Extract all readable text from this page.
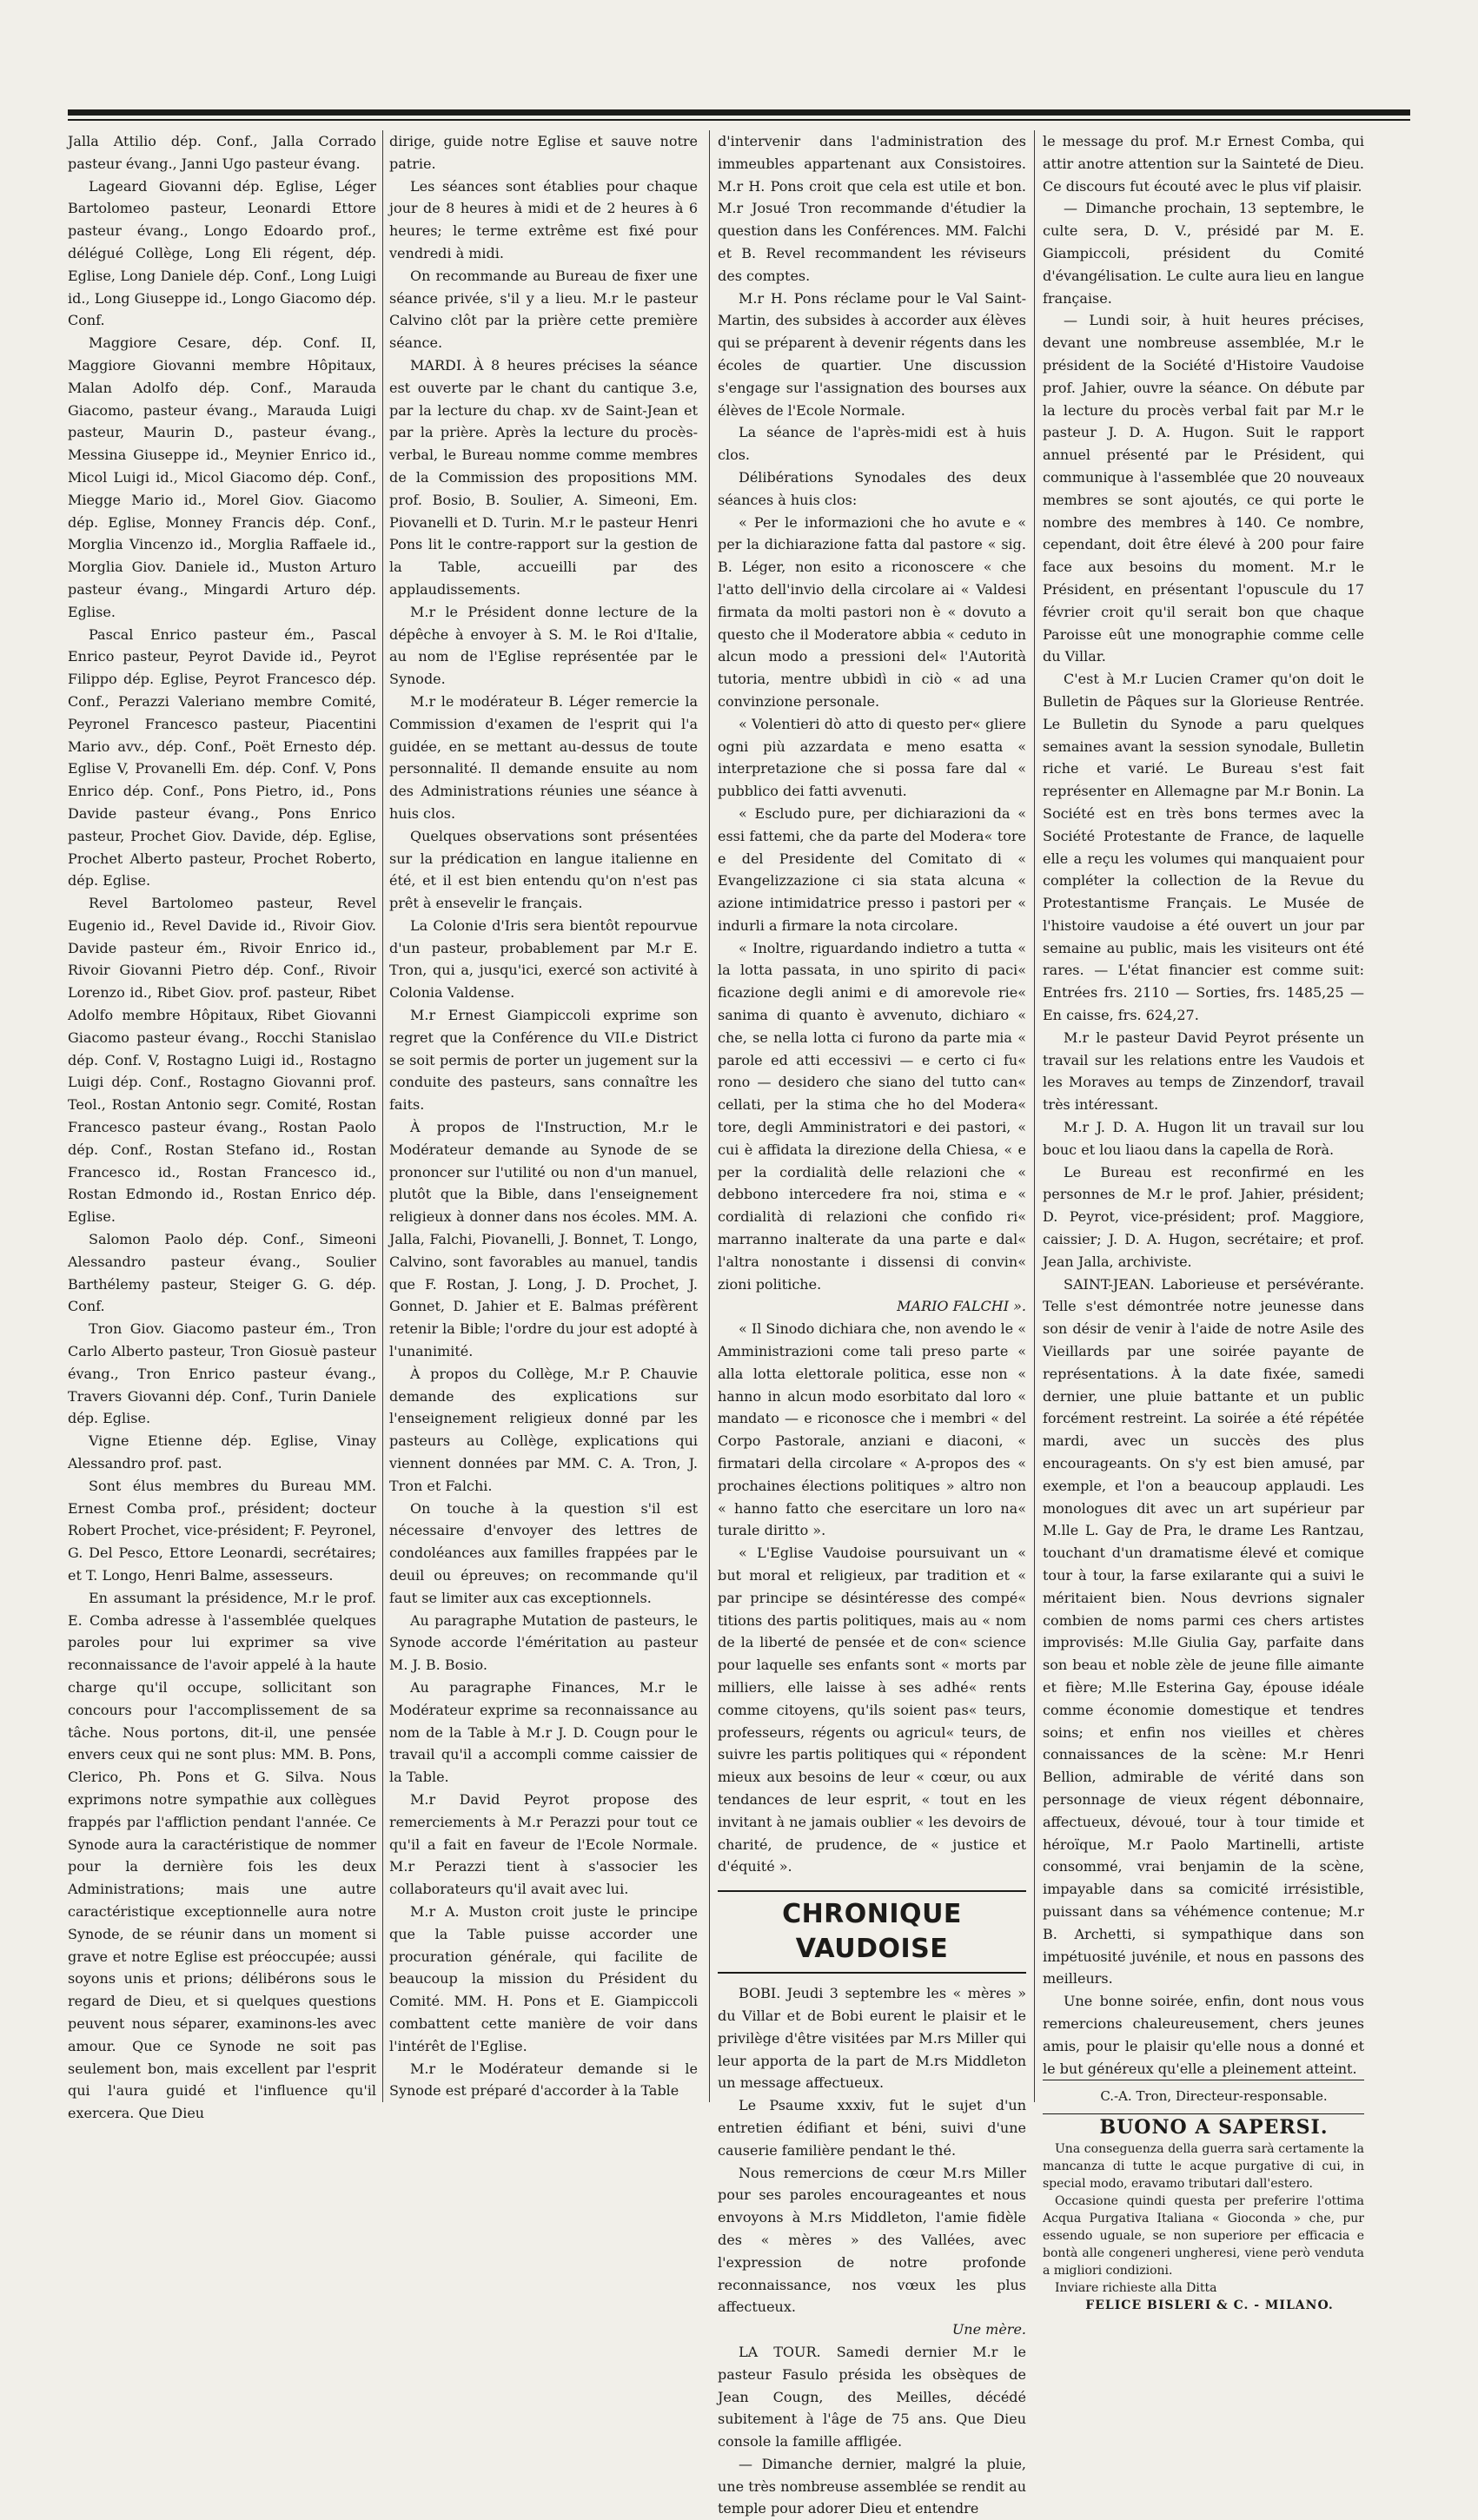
Jalla Attilio dép. Conf., Jalla Corrado pasteur évang., Janni Ugo pasteur évang.

Lageard Giovanni dép. Eglise, Léger Bartolomeo pasteur, Leonardi Ettore pasteur évang., Longo Edoardo prof., délégué Collège, Long Eli régent, dép. Eglise, Long Daniele dép. Conf., Long Luigi id., Long Giuseppe id., Longo Giacomo dép. Conf.

Maggiore Cesare, dép. Conf. II, Maggiore Giovanni membre Hôpitaux, Malan Adolfo dép. Conf., Marauda Giacomo, pasteur évang., Marauda Luigi pasteur, Maurin D., pasteur évang., Messina Giuseppe id., Meynier Enrico id., Micol Luigi id., Micol Giacomo dép. Conf., Miegge Mario id., Morel Giov. Giacomo dép. Eglise, Monney Francis dép. Conf., Morglia Vincenzo id., Morglia Raffaele id., Morglia Giov. Daniele id., Muston Arturo pasteur évang., Mingardi Arturo dép. Eglise.

Pascal Enrico pasteur ém., Pascal Enrico pasteur, Peyrot Davide id., Peyrot Filippo dép. Eglise, Peyrot Francesco dép. Conf., Perazzi Valeriano membre Comité, Peyronel Francesco pasteur, Piacentini Mario avv., dép. Conf., Poët Ernesto dép. Eglise V, Provanelli Em. dép. Conf. V, Pons Enrico dép. Conf., Pons Pietro, id., Pons Davide pasteur évang., Pons Enrico pasteur, Prochet Giov. Davide, dép. Eglise, Prochet Alberto pasteur, Prochet Roberto, dép. Eglise.

Revel Bartolomeo pasteur, Revel Eugenio id., Revel Davide id., Rivoir Giov. Davide pasteur ém., Rivoir Enrico id., Rivoir Giovanni Pietro dép. Conf., Rivoir Lorenzo id., Ribet Giov. prof. pasteur, Ribet Adolfo membre Hôpitaux, Ribet Giovanni Giacomo pasteur évang., Rocchi Stanislao dép. Conf. V, Rostagno Luigi id., Rostagno Luigi dép. Conf., Rostagno Giovanni prof. Teol., Rostan Antonio segr. Comité, Rostan Francesco pasteur évang., Rostan Paolo dép. Conf., Rostan Stefano id., Rostan Francesco id., Rostan Francesco id., Rostan Edmondo id., Rostan Enrico dép. Eglise.

Salomon Paolo dép. Conf., Simeoni Alessandro pasteur évang., Soulier Barthélemy pasteur, Steiger G. G. dép. Conf.

Tron Giov. Giacomo pasteur ém., Tron Carlo Alberto pasteur, Tron Giosuè pasteur évang., Tron Enrico pasteur évang., Travers Giovanni dép. Conf., Turin Daniele dép. Eglise.

Vigne Etienne dép. Eglise, Vinay Alessandro prof. past.

Sont élus membres du Bureau MM. Ernest Comba prof., président; docteur Robert Prochet, vice-président; F. Peyronel, G. Del Pesco, Ettore Leonardi, secrétaires; et T. Longo, Henri Balme, assesseurs.

En assumant la présidence, M.r le prof. E. Comba adresse à l'assemblée quelques paroles pour lui exprimer sa vive reconnaissance de l'avoir appelé à la haute charge qu'il occupe, sollicitant son concours pour l'accomplissement de sa tâche. Nous portons, dit-il, une pensée envers ceux qui ne sont plus: MM. B. Pons, Clerico, Ph. Pons et G. Silva. Nous exprimons notre sympathie aux collègues frappés par l'affliction pendant l'année. Ce Synode aura la caractéristique de nommer pour la dernière fois les deux Administrations; mais une autre caractéristique exceptionnelle aura notre Synode, de se réunir dans un moment si grave et notre Eglise est préoccupée; aussi soyons unis et prions; délibérons sous le regard de Dieu, et si quelques questions peuvent nous séparer, examinons-les avec amour. Que ce Synode ne soit pas seulement bon, mais excellent par l'esprit qui l'aura guidé et l'influence qu'il exercera. Que Dieu

dirige, guide notre Eglise et sauve notre patrie.

Les séances sont établies pour chaque jour de 8 heures à midi et de 2 heures à 6 heures; le terme extrême est fixé pour vendredi à midi.

On recommande au Bureau de fixer une séance privée, s'il y a lieu. M.r le pasteur Calvino clôt par la prière cette première séance.

MARDI. À 8 heures précises la séance est ouverte par le chant du cantique 3.e, par la lecture du chap. xv de Saint-Jean et par la prière. Après la lecture du procès-verbal, le Bureau nomme comme membres de la Commission des propositions MM. prof. Bosio, B. Soulier, A. Simeoni, Em. Piovanelli et D. Turin. M.r le pasteur Henri Pons lit le contre-rapport sur la gestion de la Table, accueilli par des applaudissements.

M.r le Président donne lecture de la dépêche à envoyer à S. M. le Roi d'Italie, au nom de l'Eglise représentée par le Synode.

M.r le modérateur B. Léger remercie la Commission d'examen de l'esprit qui l'a guidée, en se mettant au-dessus de toute personnalité. Il demande ensuite au nom des Administrations réunies une séance à huis clos.

Quelques observations sont présentées sur la prédication en langue italienne en été, et il est bien entendu qu'on n'est pas prêt à ensevelir le français.

La Colonie d'Iris sera bientôt repourvue d'un pasteur, probablement par M.r E. Tron, qui a, jusqu'ici, exercé son activité à Colonia Valdense.

M.r Ernest Giampiccoli exprime son regret que la Conférence du VII.e District se soit permis de porter un jugement sur la conduite des pasteurs, sans connaître les faits.

À propos de l'Instruction, M.r le Modérateur demande au Synode de se prononcer sur l'utilité ou non d'un manuel, plutôt que la Bible, dans l'enseignement religieux à donner dans nos écoles. MM. A. Jalla, Falchi, Piovanelli, J. Bonnet, T. Longo, Calvino, sont favorables au manuel, tandis que F. Rostan, J. Long, J. D. Prochet, J. Gonnet, D. Jahier et E. Balmas préfèrent retenir la Bible; l'ordre du jour est adopté à l'unanimité.

À propos du Collège, M.r P. Chauvie demande des explications sur l'enseignement religieux donné par les pasteurs au Collège, explications qui viennent données par MM. C. A. Tron, J. Tron et Falchi.

On touche à la question s'il est nécessaire d'envoyer des lettres de condoléances aux familles frappées par le deuil ou épreuves; on recommande qu'il faut se limiter aux cas exceptionnels.

Au paragraphe Mutation de pasteurs, le Synode accorde l'éméritation au pasteur M. J. B. Bosio.

Au paragraphe Finances, M.r le Modérateur exprime sa reconnaissance au nom de la Table à M.r J. D. Cougn pour le travail qu'il a accompli comme caissier de la Table.

M.r David Peyrot propose des remerciements à M.r Perazzi pour tout ce qu'il a fait en faveur de l'Ecole Normale. M.r Perazzi tient à s'associer les collaborateurs qu'il avait avec lui.

M.r A. Muston croit juste le principe que la Table puisse accorder une procuration générale, qui facilite de beaucoup la mission du Président du Comité. MM. H. Pons et E. Giampiccoli combattent cette manière de voir dans l'intérêt de l'Eglise.

M.r le Modérateur demande si le Synode est préparé d'accorder à la Table

d'intervenir dans l'administration des immeubles appartenant aux Consistoires. M.r H. Pons croit que cela est utile et bon. M.r Josué Tron recommande d'étudier la question dans les Conférences. MM. Falchi et B. Revel recommandent les réviseurs des comptes.

M.r H. Pons réclame pour le Val Saint-Martin, des subsides à accorder aux élèves qui se préparent à devenir régents dans les écoles de quartier. Une discussion s'engage sur l'assignation des bourses aux élèves de l'Ecole Normale.

La séance de l'après-midi est à huis clos.

Délibérations Synodales des deux séances à huis clos:

« Per le informazioni che ho avute e « per la dichiarazione fatta dal pastore « sig. B. Léger, non esito a riconoscere « che l'atto dell'invio della circolare ai « Valdesi firmata da molti pastori non è « dovuto a questo che il Moderatore abbia « ceduto in alcun modo a pressioni del« l'Autorità tutoria, mentre ubbidì in ciò « ad una convinzione personale.

« Volentieri dò atto di questo per« gliere ogni più azzardata e meno esatta « interpretazione che si possa fare dal « pubblico dei fatti avvenuti.

« Escludo pure, per dichiarazioni da « essi fattemi, che da parte del Modera« tore e del Presidente del Comitato di « Evangelizzazione ci sia stata alcuna « azione intimidatrice presso i pastori per « indurli a firmare la nota circolare.

« Inoltre, riguardando indietro a tutta « la lotta passata, in uno spirito di paci« ficazione degli animi e di amorevole rie« sanima di quanto è avvenuto, dichiaro « che, se nella lotta ci furono da parte mia « parole ed atti eccessivi — e certo ci fu« rono — desidero che siano del tutto can« cellati, per la stima che ho del Modera« tore, degli Amministratori e dei pastori, « cui è affidata la direzione della Chiesa, « e per la cordialità delle relazioni che « debbono intercedere fra noi, stima e « cordialità di relazioni che confido ri« marranno inalterate da una parte e dal« l'altra nonostante i dissensi di convin« zioni politiche.

MARIO FALCHI ».

« Il Sinodo dichiara che, non avendo le « Amministrazioni come tali preso parte « alla lotta elettorale politica, esse non « hanno in alcun modo esorbitato dal loro « mandato — e riconosce che i membri « del Corpo Pastorale, anziani e diaconi, « firmatari della circolare « A-propos des « prochaines élections politiques » altro non « hanno fatto che esercitare un loro na« turale diritto ».

« L'Eglise Vaudoise poursuivant un « but moral et religieux, par tradition et « par principe se désintéresse des compé« titions des partis politiques, mais au « nom de la liberté de pensée et de con« science pour laquelle ses enfants sont « morts par milliers, elle laisse à ses adhé« rents comme citoyens, qu'ils soient pas« teurs, professeurs, régents ou agricul« teurs, de suivre les partis politiques qui « répondent mieux aux besoins de leur « cœur, ou aux tendances de leur esprit, « tout en les invitant à ne jamais oublier « les devoirs de charité, de prudence, de « justice et d'équité ».

CHRONIQUE VAUDOISE

BOBI. Jeudi 3 septembre les « mères » du Villar et de Bobi eurent le plaisir et le privilège d'être visitées par M.rs Miller qui leur apporta de la part de M.rs Middleton un message affectueux.

Le Psaume xxxiv, fut le sujet d'un entretien édifiant et béni, suivi d'une causerie familière pendant le thé.

Nous remercions de cœur M.rs Miller pour ses paroles encourageantes et nous envoyons à M.rs Middleton, l'amie fidèle des « mères » des Vallées, avec l'expression de notre profonde reconnaissance, nos vœux les plus affectueux.

Une mère.

LA TOUR. Samedi dernier M.r le pasteur Fasulo présida les obsèques de Jean Cougn, des Meilles, décédé subitement à l'âge de 75 ans. Que Dieu console la famille affligée.

— Dimanche dernier, malgré la pluie, une très nombreuse assemblée se rendit au temple pour adorer Dieu et entendre

le message du prof. M.r Ernest Comba, qui attir anotre attention sur la Sainteté de Dieu. Ce discours fut écouté avec le plus vif plaisir.

— Dimanche prochain, 13 septembre, le culte sera, D. V., présidé par M. E. Giampiccoli, président du Comité d'évangélisation. Le culte aura lieu en langue française.

— Lundi soir, à huit heures précises, devant une nombreuse assemblée, M.r le président de la Société d'Histoire Vaudoise prof. Jahier, ouvre la séance. On débute par la lecture du procès verbal fait par M.r le pasteur J. D. A. Hugon. Suit le rapport annuel présenté par le Président, qui communique à l'assemblée que 20 nouveaux membres se sont ajoutés, ce qui porte le nombre des membres à 140. Ce nombre, cependant, doit être élevé à 200 pour faire face aux besoins du moment. M.r le Président, en présentant l'opuscule du 17 février croit qu'il serait bon que chaque Paroisse eût une monographie comme celle du Villar.

C'est à M.r Lucien Cramer qu'on doit le Bulletin de Pâques sur la Glorieuse Rentrée. Le Bulletin du Synode a paru quelques semaines avant la session synodale, Bulletin riche et varié. Le Bureau s'est fait représenter en Allemagne par M.r Bonin. La Société est en très bons termes avec la Société Protestante de France, de laquelle elle a reçu les volumes qui manquaient pour compléter la collection de la Revue du Protestantisme Français. Le Musée de l'histoire vaudoise a été ouvert un jour par semaine au public, mais les visiteurs ont été rares. — L'état financier est comme suit: Entrées frs. 2110 — Sorties, frs. 1485,25 — En caisse, frs. 624,27.

M.r le pasteur David Peyrot présente un travail sur les relations entre les Vaudois et les Moraves au temps de Zinzendorf, travail très intéressant.

M.r J. D. A. Hugon lit un travail sur lou bouc et lou liaou dans la capella de Rorà.

Le Bureau est reconfirmé en les personnes de M.r le prof. Jahier, président; D. Peyrot, vice-président; prof. Maggiore, caissier; J. D. A. Hugon, secrétaire; et prof. Jean Jalla, archiviste.

SAINT-JEAN. Laborieuse et persévérante. Telle s'est démontrée notre jeunesse dans son désir de venir à l'aide de notre Asile des Vieillards par une soirée payante de représentations. À la date fixée, samedi dernier, une pluie battante et un public forcément restreint. La soirée a été répétée mardi, avec un succès des plus encourageants. On s'y est bien amusé, par exemple, et l'on a beaucoup applaudi. Les monologues dit avec un art supérieur par M.lle L. Gay de Pra, le drame Les Rantzau, touchant d'un dramatisme élevé et comique tour à tour, la farse exilarante qui a suivi le méritaient bien. Nous devrions signaler combien de noms parmi ces chers artistes improvisés: M.lle Giulia Gay, parfaite dans son beau et noble zèle de jeune fille aimante et fière; M.lle Esterina Gay, épouse idéale comme économie domestique et tendres soins; et enfin nos vieilles et chères connaissances de la scène: M.r Henri Bellion, admirable de vérité dans son personnage de vieux régent débonnaire, affectueux, dévoué, tour à tour timide et héroïque, M.r Paolo Martinelli, artiste consommé, vrai benjamin de la scène, impayable dans sa comicité irrésistible, puissant dans sa véhémence contenue; M.r B. Archetti, si sympathique dans son impétuosité juvénile, et nous en passons des meilleurs.

Une bonne soirée, enfin, dont nous vous remercions chaleureusement, chers jeunes amis, pour le plaisir qu'elle nous a donné et le but généreux qu'elle a pleinement atteint.

C.-A. Tron, Directeur-responsable.

BUONO A SAPERSI.

Una conseguenza della guerra sarà certamente la mancanza di tutte le acque purgative di cui, in special modo, eravamo tributari dall'estero.

Occasione quindi questa per preferire l'ottima Acqua Purgativa Italiana « Gioconda » che, pur essendo uguale, se non superiore per efficacia e bontà alle congeneri ungheresi, viene però venduta a migliori condizioni.

Inviare richieste alla Ditta

FELICE BISLERI & C. - MILANO.
